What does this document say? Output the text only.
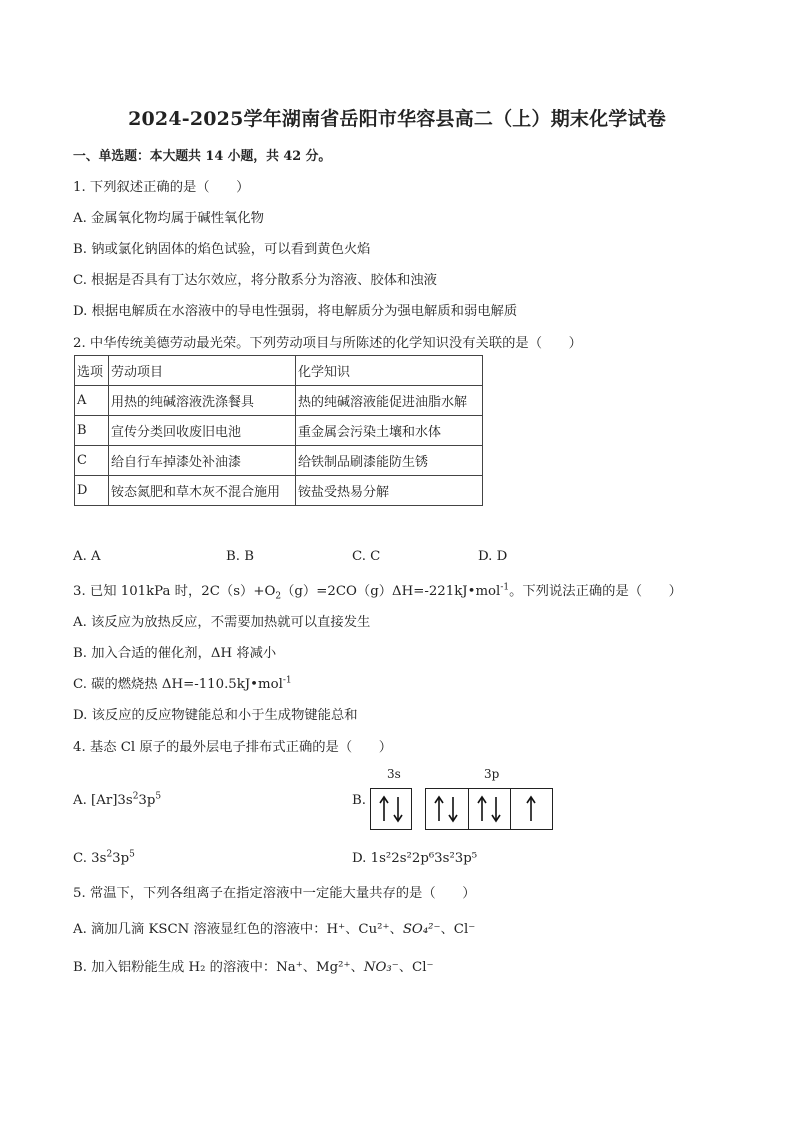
2024-2025学年湖南省岳阳市华容县高二（上）期末化学试卷
一、单选题：本大题共 14 小题，共 42 分。
1. 下列叙述正确的是（　　）
A. 金属氧化物均属于碱性氧化物
B. 钠或氯化钠固体的焰色试验，可以看到黄色火焰
C. 根据是否具有丁达尔效应，将分散系分为溶液、胶体和浊液
D. 根据电解质在水溶液中的导电性强弱，将电解质分为强电解质和弱电解质
2. 中华传统美德劳动最光荣。下列劳动项目与所陈述的化学知识没有关联的是（　　）
选项	劳动项目	化学知识
A	用热的纯碱溶液洗涤餐具	热的纯碱溶液能促进油脂水解
B	宣传分类回收废旧电池	重金属会污染土壤和水体
C	给自行车掉漆处补油漆	给铁制品刷漆能防生锈
D	铵态氮肥和草木灰不混合施用	铵盐受热易分解
A. A	B. B	C. C	D. D
3. 已知 101kPa 时，$2C(s)+O_2(g)=2CO(g)\Delta H=-221kJ•mol^{-1}$。下列说法正确的是（　　）
A. 该反应为放热反应，不需要加热就可以直接发生
B. 加入合适的催化剂，ΔH 将减小
C. 碳的燃烧热 ΔH=-110.5kJ•mol$^{-1}$
D. 该反应的反应物键能总和小于生成物键能总和
4. 基态 Cl 原子的最外层电子排布式正确的是（　　）
A. $[Ar]3s^23p^5$	B.
3s	3p
C. $3s^23p^5$	D. 1s²2s²2p⁶3s²3p⁵
5. 常温下，下列各组离子在指定溶液中一定能大量共存的是（　　）
A. 滴加几滴 KSCN 溶液显红色的溶液中：H⁺、Cu²⁺、SO₄²⁻、Cl⁻
B. 加入铝粉能生成 H₂ 的溶液中：Na⁺、Mg²⁺、NO₃⁻、Cl⁻
